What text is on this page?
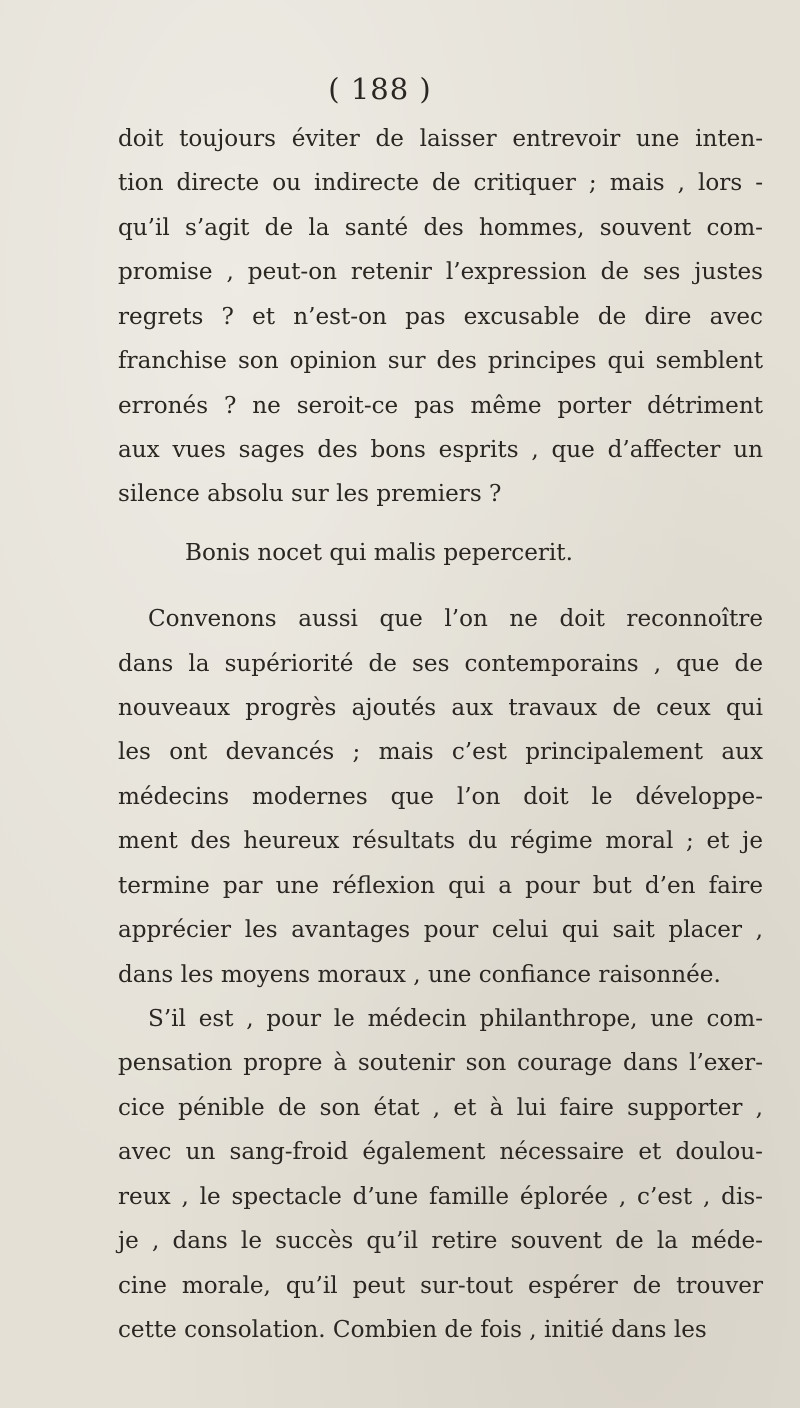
( 188 )
doit toujours éviter de laisser entrevoir une inten-
tion directe ou indirecte de critiquer ; mais , lors -
qu’il s’agit de la santé des hommes, souvent com-
promise , peut-on retenir l’expression de ses justes
regrets ? et n’est-on pas excusable de dire avec
franchise son opinion sur des principes qui semblent
erronés ? ne seroit-ce pas même porter détriment
aux vues sages des bons esprits , que d’affecter un
silence absolu sur les premiers ?
Bonis nocet qui malis pepercerit.
Convenons aussi que l’on ne doit reconnoître
dans la supériorité de ses contemporains , que de
nouveaux progrès ajoutés aux travaux de ceux qui
les ont devancés ; mais c’est principalement aux
médecins modernes que l’on doit le développe-
ment des heureux résultats du régime moral ; et je
termine par une réflexion qui a pour but d’en faire
apprécier les avantages pour celui qui sait placer ,
dans les moyens moraux , une confiance raisonnée.
S’il est , pour le médecin philanthrope, une com-
pensation propre à soutenir son courage dans l’exer-
cice pénible de son état , et à lui faire supporter ,
avec un sang-froid également nécessaire et doulou-
reux , le spectacle d’une famille éplorée , c’est , dis-
je , dans le succès qu’il retire souvent de la méde-
cine morale, qu’il peut sur-tout espérer de trouver
cette consolation. Combien de fois , initié dans les
